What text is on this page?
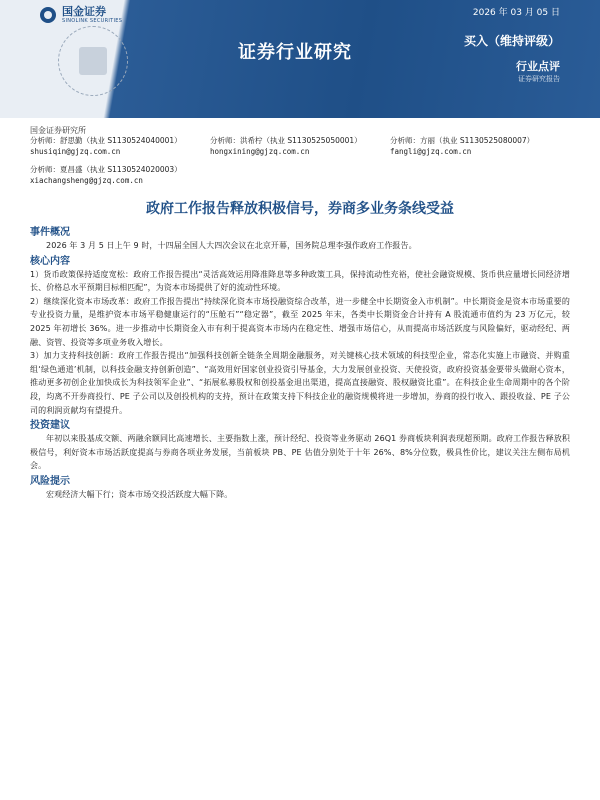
国金证券
SINOLINK SECURITIES
2026 年 03 月 05 日
证券行业研究
买入（维持评级）
行业点评
证券研究报告
国金证券研究所
分析师：舒思勤（执业 S1130524040001）	分析师：洪希柠（执业 S1130525050001）	分析师：方丽（执业 S1130525080007）
shusiqin@gjzq.com.cn	hongxining@gjzq.com.cn	fangli@gjzq.com.cn
分析师：夏昌盛（执业 S1130524020003）
xiachangsheng@gjzq.com.cn
政府工作报告释放积极信号，券商多业务条线受益
事件概况

2026 年 3 月 5 日上午 9 时，十四届全国人大四次会议在北京开幕，国务院总理李强作政府工作报告。

核心内容

1）货币政策保持适度宽松：政府工作报告提出“灵活高效运用降准降息等多种政策工具，保持流动性充裕，使社会融资规模、货币供应量增长同经济增长、价格总水平预期目标相匹配”，为资本市场提供了好的流动性环境。

2）继续深化资本市场改革：政府工作报告提出“持续深化资本市场投融资综合改革，进一步健全中长期资金入市机制”。中长期资金是资本市场重要的专业投资力量，是维护资本市场平稳健康运行的“压舱石”“稳定器”，截至 2025 年末，各类中长期资金合计持有 A 股流通市值约为 23 万亿元，较 2025 年初增长 36%。进一步推动中长期资金入市有利于提高资本市场内在稳定性、增强市场信心，从而提高市场活跃度与风险偏好，驱动经纪、两融、资管、投资等多项业务收入增长。

3）加力支持科技创新：政府工作报告提出“加强科技创新全链条全周期金融服务，对关键核心技术领域的科技型企业，常态化实施上市融资、并购重组‘绿色通道’机制，以科技金融支持创新创造”、“高效用好国家创业投资引导基金，大力发展创业投资、天使投资，政府投资基金要带头做耐心资本，推动更多初创企业加快成长为科技领军企业”、“拓展私募股权和创投基金退出渠道，提高直接融资、股权融资比重”。在科技企业生命周期中的各个阶段，均离不开券商投行、PE 子公司以及创投机构的支持，预计在政策支持下科技企业的融资规模将进一步增加，券商的投行收入、跟投收益、PE 子公司的利润贡献均有望提升。

投资建议

年初以来股基成交额、两融余额同比高速增长、主要指数上涨，预计经纪、投资等业务驱动 26Q1 券商板块利润表现超预期。政府工作报告释放积极信号，利好资本市场活跃度提高与券商各项业务发展，当前板块 PB、PE 估值分别处于十年 26%、8%分位数，极具性价比，建议关注左侧布局机会。

风险提示

宏观经济大幅下行；资本市场交投活跃度大幅下降。
